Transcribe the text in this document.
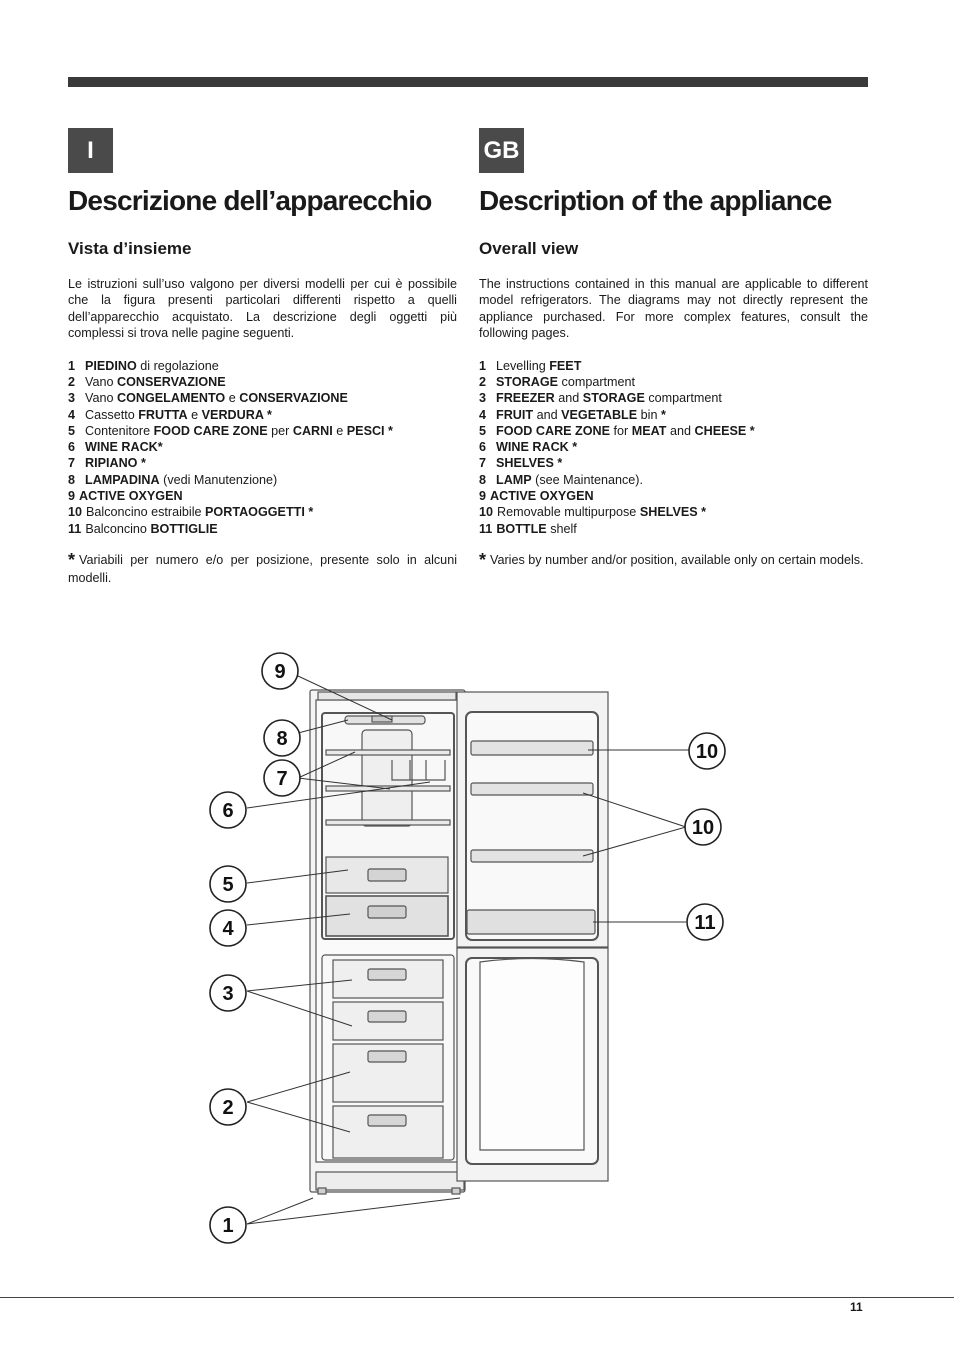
I
Descrizione dell’apparecchio
Vista d’insieme

Le istruzioni sull’uso valgono per diversi modelli per cui è possibile che la figura presenti particolari differenti rispetto a quelli dell’apparecchio acquistato. La descrizione degli oggetti più complessi si trova nelle pagine seguenti.

1 PIEDINO di regolazione
2 Vano CONSERVAZIONE
3 Vano CONGELAMENTO e CONSERVAZIONE
4 Cassetto FRUTTA e VERDURA *
5 Contenitore FOOD CARE ZONE per CARNI e PESCI *
6 WINE RACK*
7 RIPIANO *
8 LAMPADINA (vedi Manutenzione)
9 ACTIVE OXYGEN
10 Balconcino estraibile PORTAOGGETTI *
11 Balconcino BOTTIGLIE

* Variabili per numero e/o per posizione, presente solo in alcuni modelli.

GB
Description of the appliance
Overall view

The instructions contained in this manual are applicable to different model refrigerators. The diagrams may not directly represent the appliance purchased. For more complex features, consult the following pages.

1 Levelling FEET
2 STORAGE compartment
3 FREEZER and STORAGE compartment
4 FRUIT and VEGETABLE bin *
5 FOOD CARE ZONE for MEAT and CHEESE *
6 WINE RACK *
7 SHELVES *
8 LAMP (see Maintenance).
9 ACTIVE OXYGEN
10 Removable multipurpose SHELVES *
11 BOTTLE shelf

* Varies by number and/or position, available only on certain models.

9
8
7
6
5
4
3
2
1
10
10
11
11
